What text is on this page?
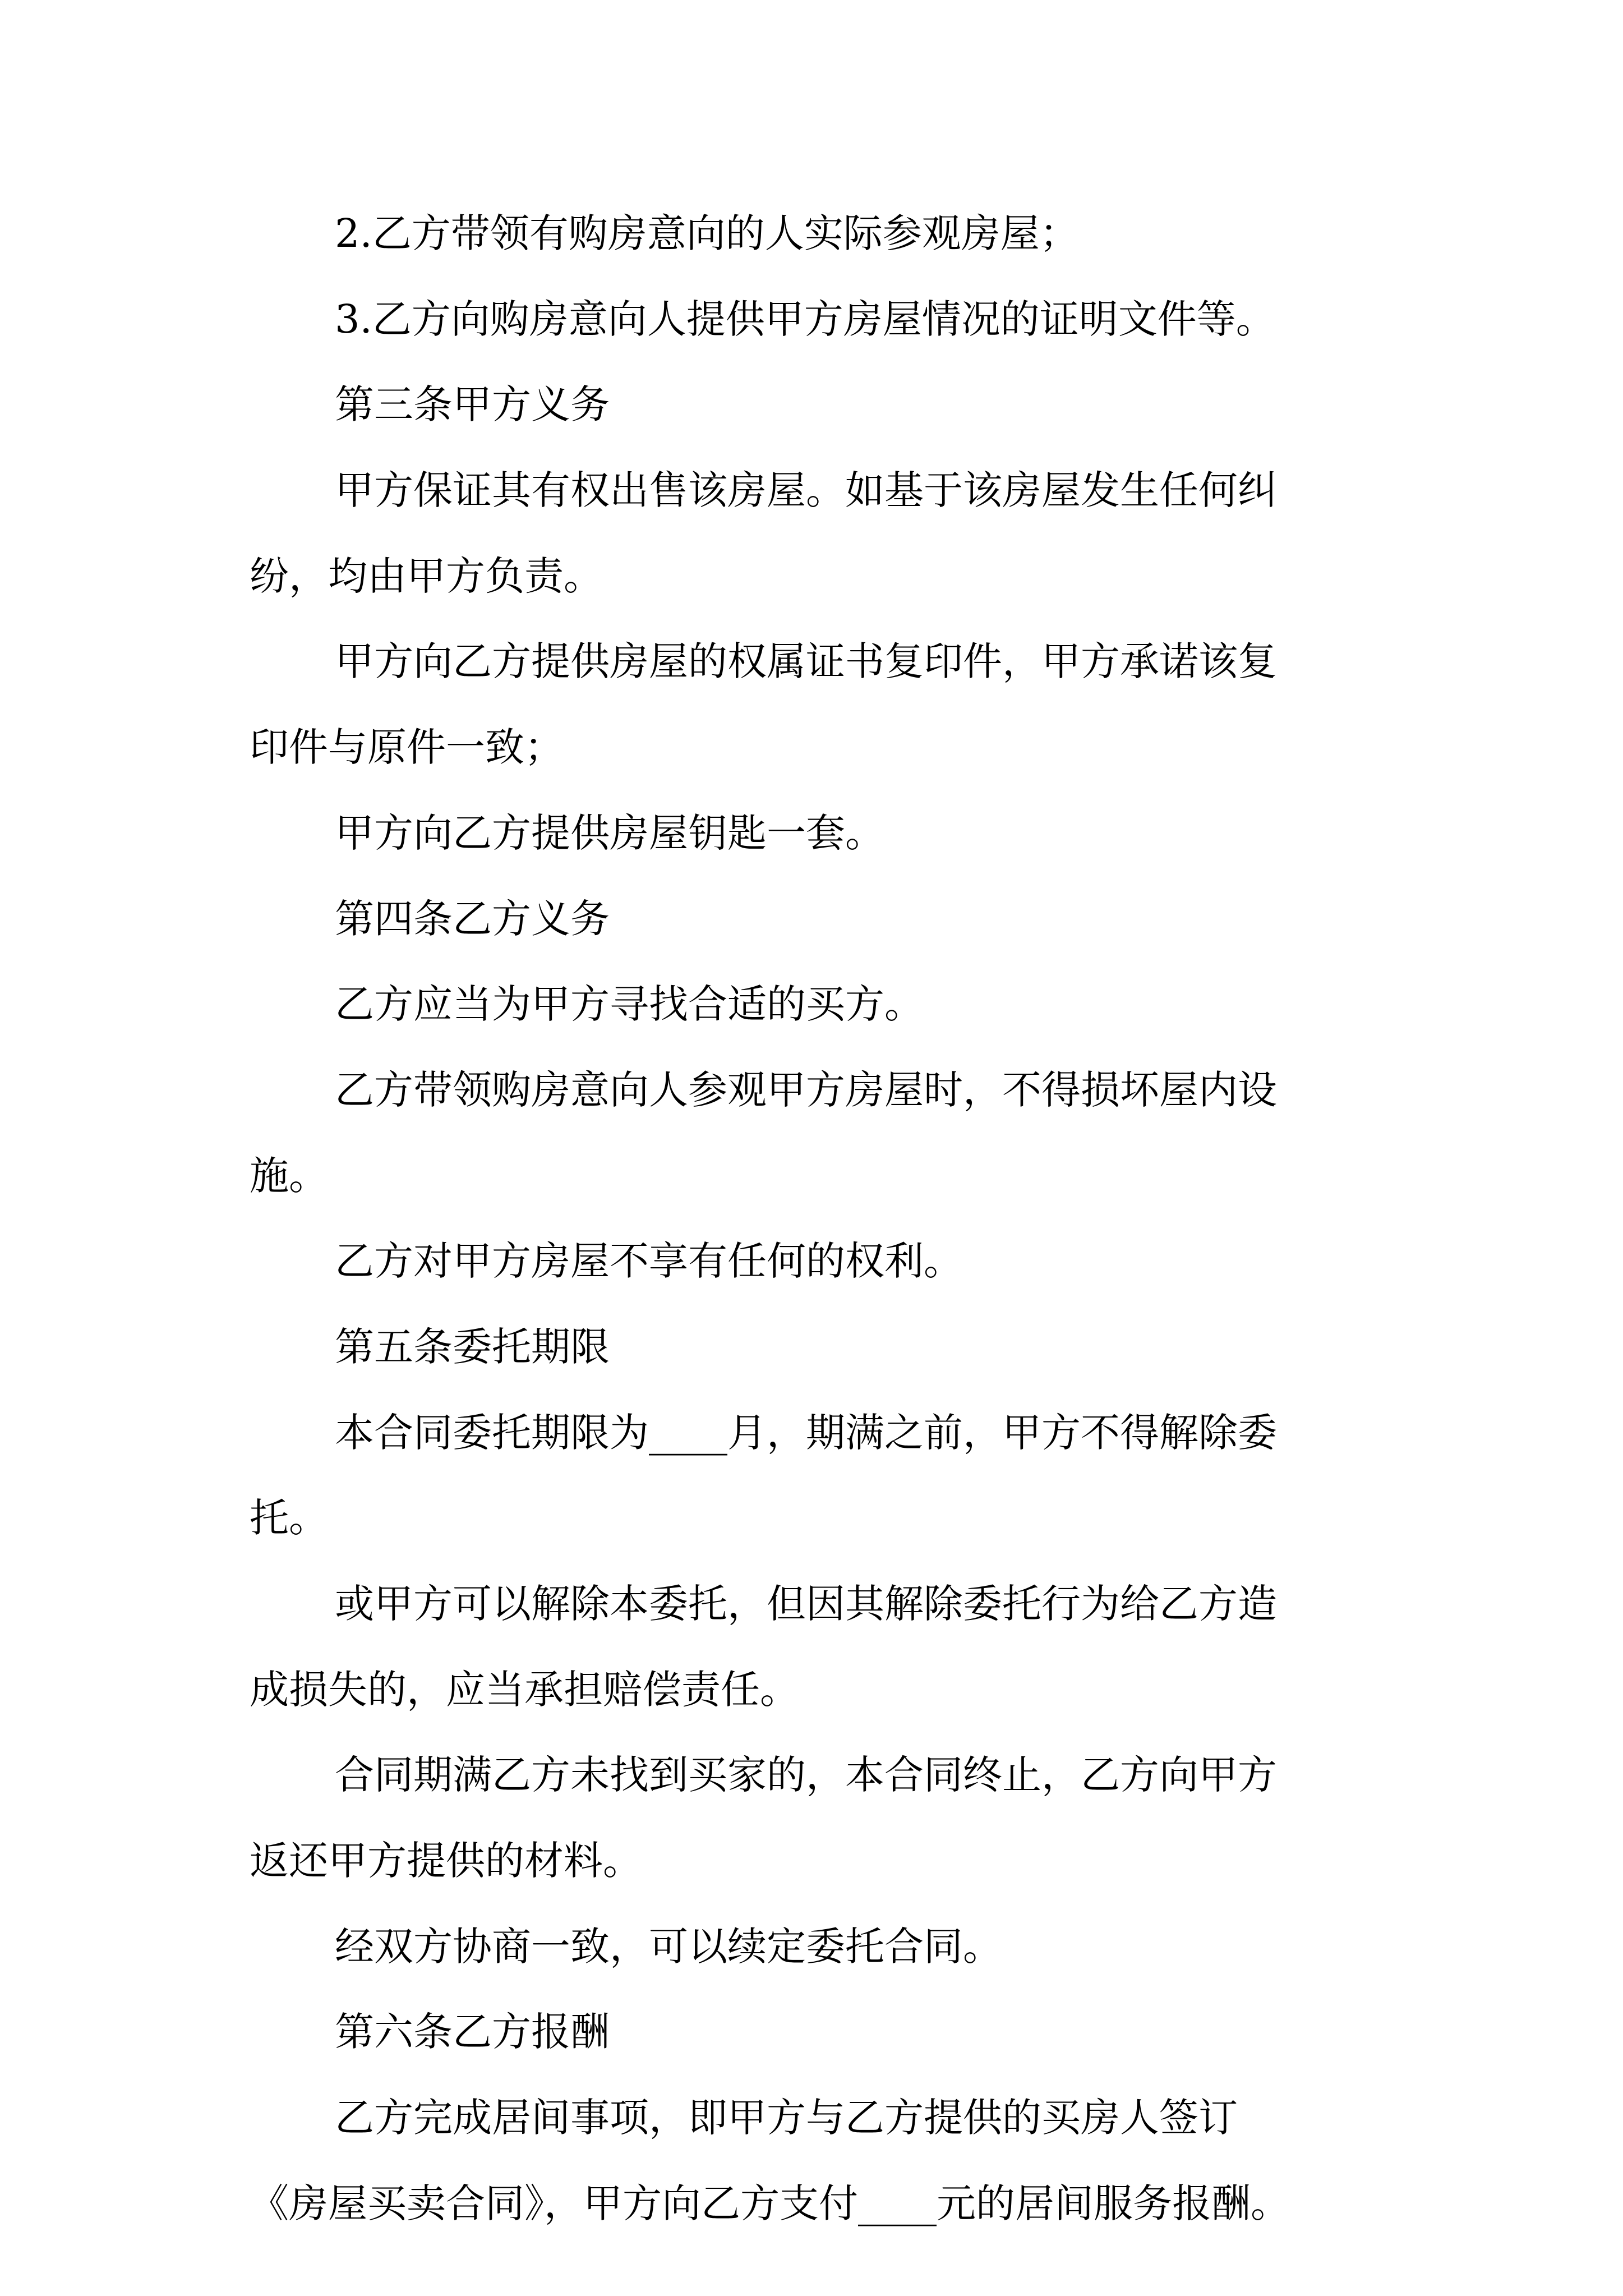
2.乙方带领有购房意向的人实际参观房屋；
3.乙方向购房意向人提供甲方房屋情况的证明文件等。
第三条甲方义务
甲方保证其有权出售该房屋。如基于该房屋发生任何纠
纷，均由甲方负责。
甲方向乙方提供房屋的权属证书复印件，甲方承诺该复
印件与原件一致；
甲方向乙方提供房屋钥匙一套。
第四条乙方义务
乙方应当为甲方寻找合适的买方。
乙方带领购房意向人参观甲方房屋时，不得损坏屋内设
施。
乙方对甲方房屋不享有任何的权利。
第五条委托期限
本合同委托期限为____月，期满之前，甲方不得解除委
托。
或甲方可以解除本委托，但因其解除委托行为给乙方造
成损失的，应当承担赔偿责任。
合同期满乙方未找到买家的，本合同终止，乙方向甲方
返还甲方提供的材料。
经双方协商一致，可以续定委托合同。
第六条乙方报酬
乙方完成居间事项，即甲方与乙方提供的买房人签订
《房屋买卖合同》，甲方向乙方支付____元的居间服务报酬。
